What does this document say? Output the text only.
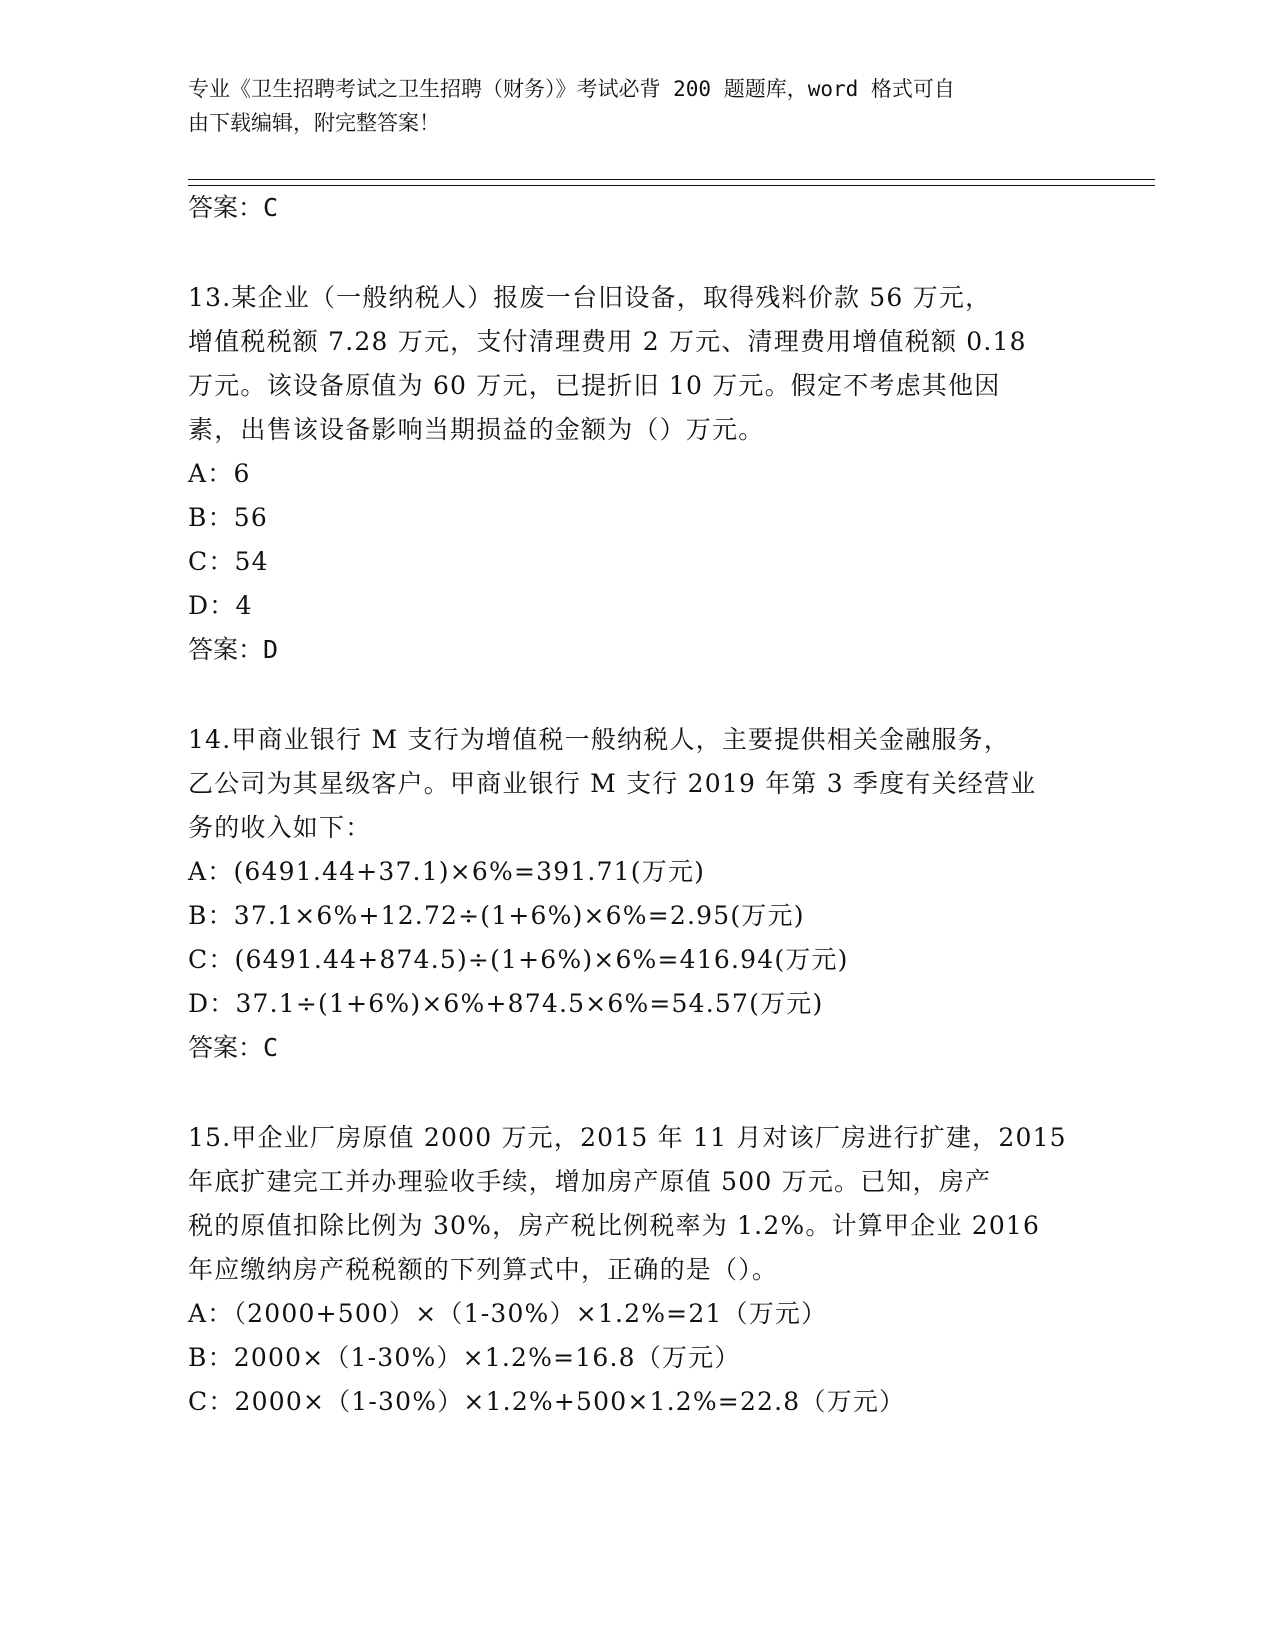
专业《卫生招聘考试之卫生招聘（财务）》考试必背 200 题题库，word 格式可自
由下载编辑，附完整答案！
答案：C
13.某企业（一般纳税人）报废一台旧设备，取得残料价款 56 万元，
增值税税额 7.28 万元，支付清理费用 2 万元、清理费用增值税额 0.18
万元。该设备原值为 60 万元，已提折旧 10 万元。假定不考虑其他因
素，出售该设备影响当期损益的金额为（）万元。
A：6
B：56
C：54
D：4
答案：D
14.甲商业银行 M 支行为增值税一般纳税人，主要提供相关金融服务，
乙公司为其星级客户。甲商业银行 M 支行 2019 年第 3 季度有关经营业
务的收入如下：
A：(6491.44+37.1)×6%=391.71(万元)
B：37.1×6%+12.72÷(1+6%)×6%=2.95(万元)
C：(6491.44+874.5)÷(1+6%)×6%=416.94(万元)
D：37.1÷(1+6%)×6%+874.5×6%=54.57(万元)
答案：C
15.甲企业厂房原值 2000 万元，2015 年 11 月对该厂房进行扩建，2015
年底扩建完工并办理验收手续，增加房产原值 500 万元。已知，房产
税的原值扣除比例为 30%，房产税比例税率为 1.2%。计算甲企业 2016
年应缴纳房产税税额的下列算式中，正确的是（）。
A：（2000+500）×（1-30%）×1.2%=21（万元）
B：2000×（1-30%）×1.2%=16.8（万元）
C：2000×（1-30%）×1.2%+500×1.2%=22.8（万元）
